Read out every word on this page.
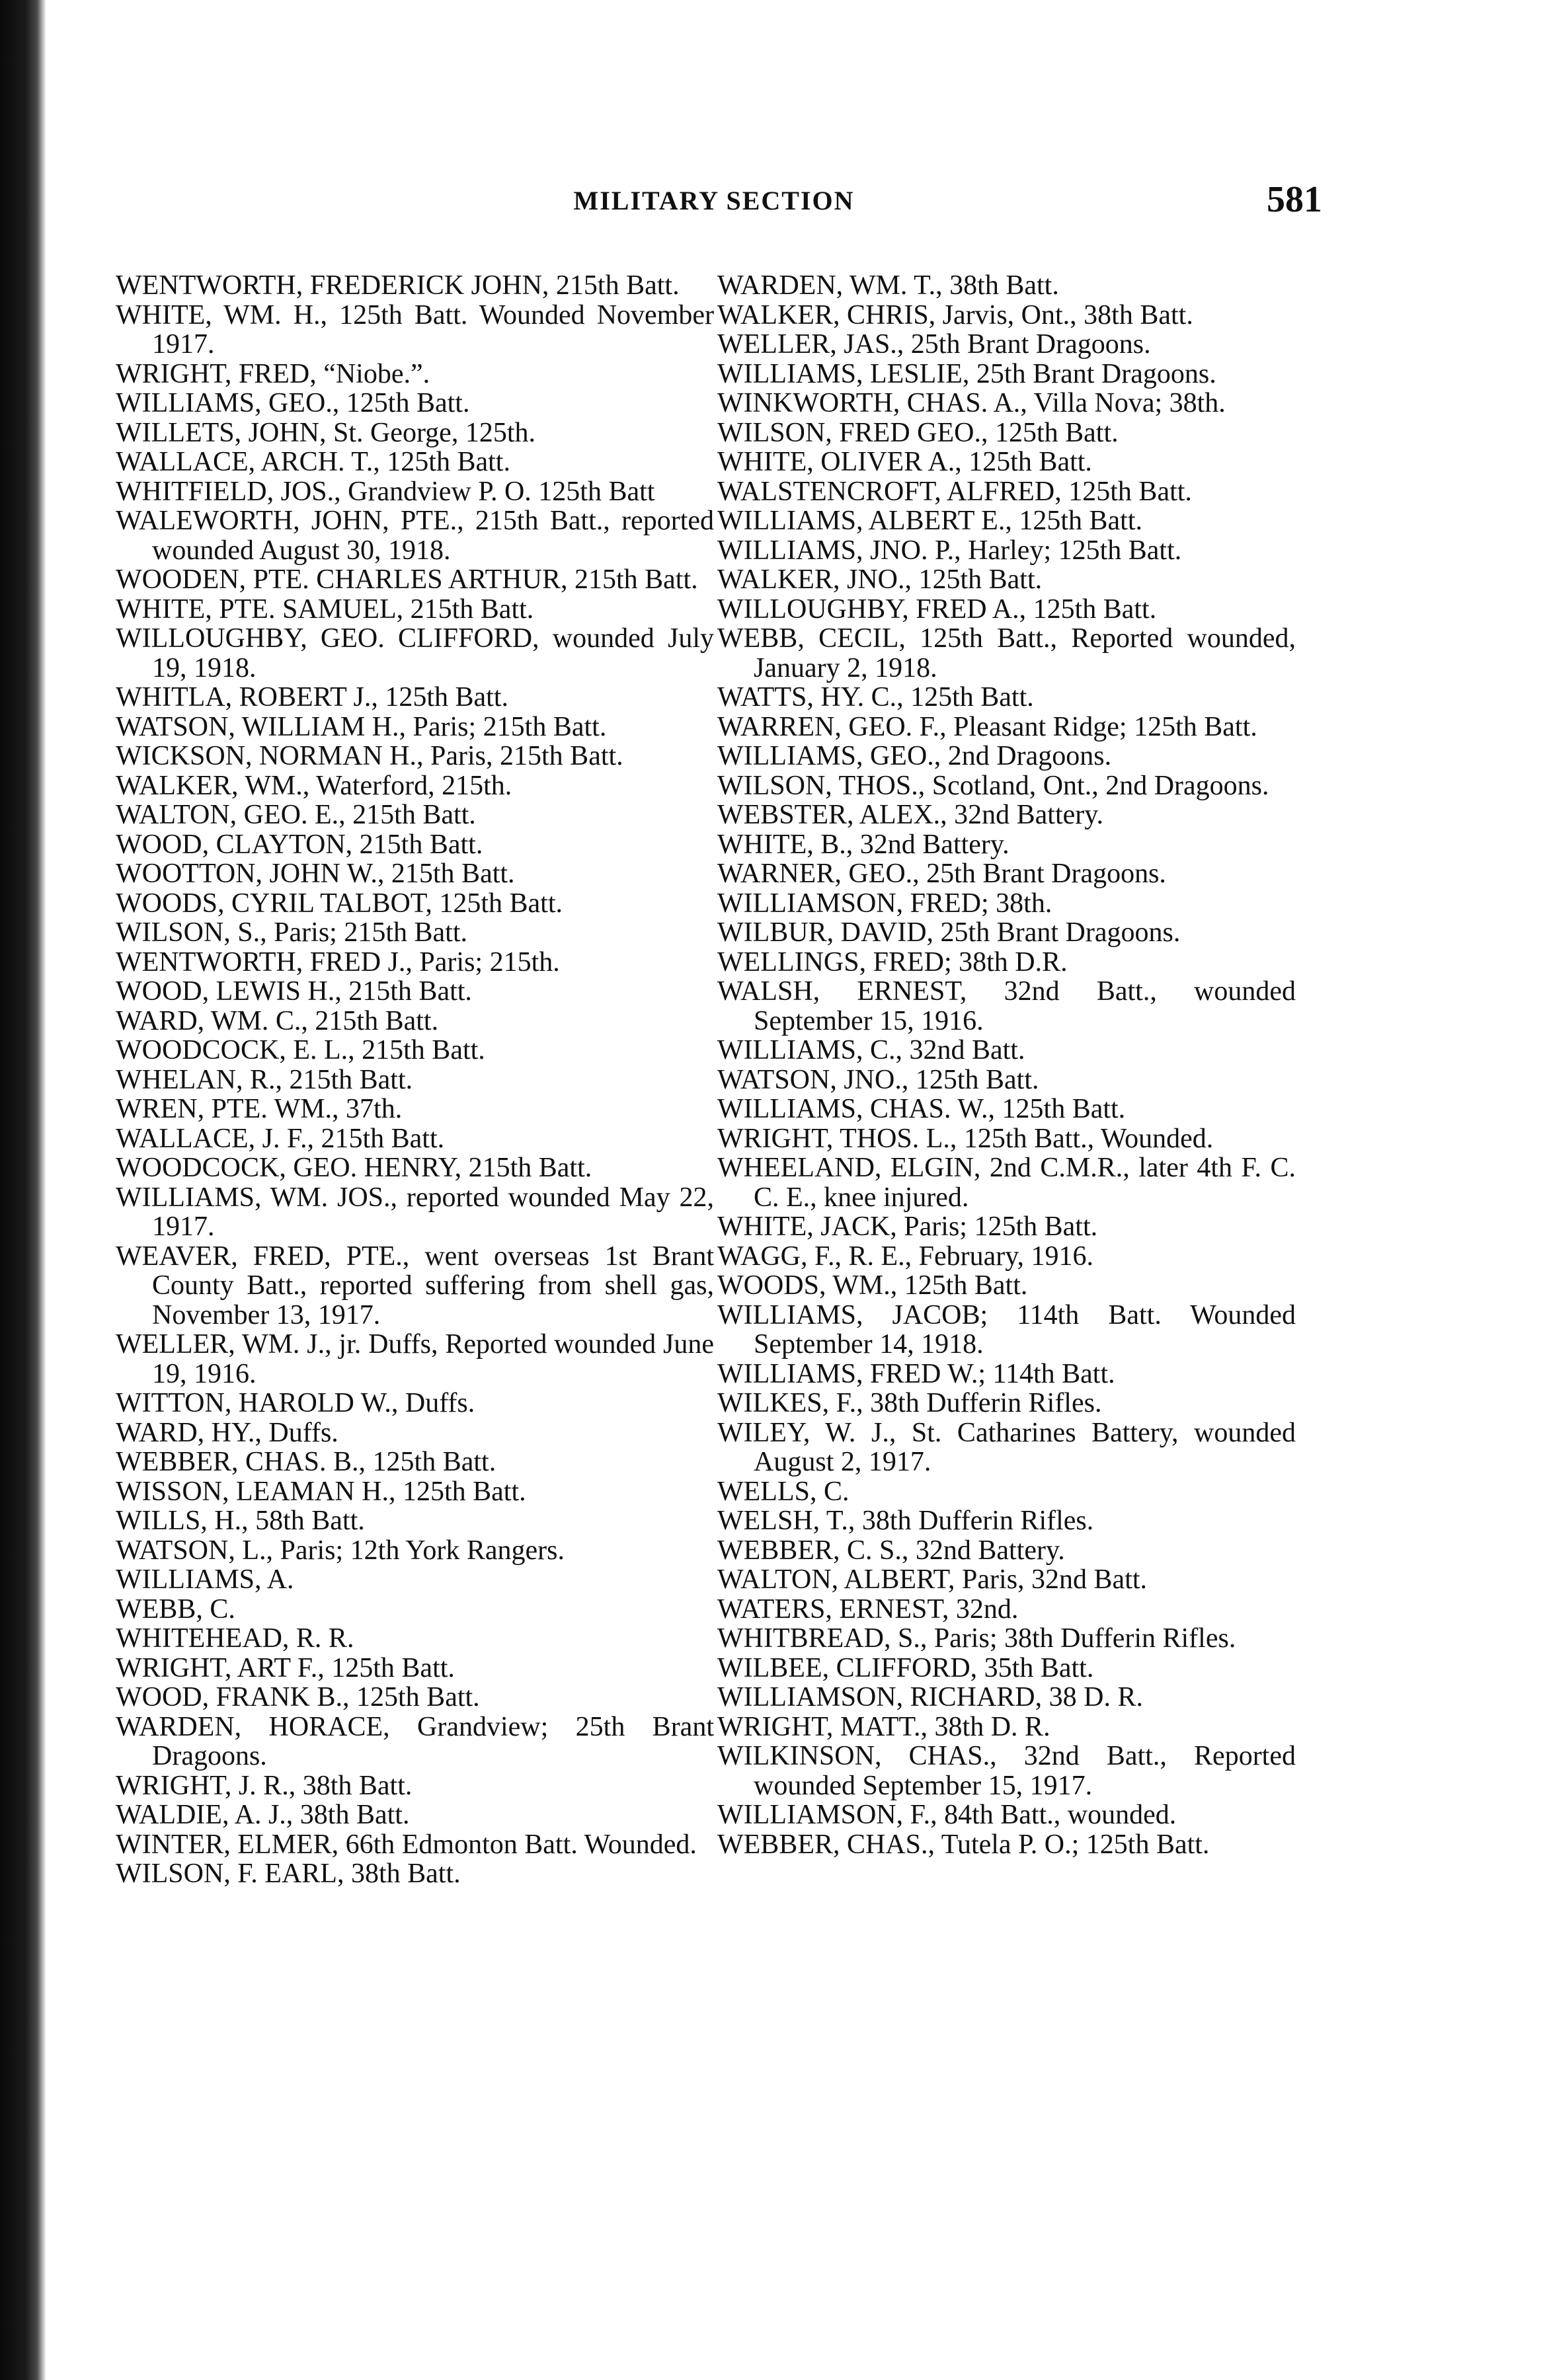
MILITARY SECTION	581
WENTWORTH, FREDERICK JOHN, 215th Batt.
WHITE, WM. H., 125th Batt. Wounded November 1917.
WRIGHT, FRED, “Niobe.”.
WILLIAMS, GEO., 125th Batt.
WILLETS, JOHN, St. George, 125th.
WALLACE, ARCH. T., 125th Batt.
WHITFIELD, JOS., Grandview P. O. 125th Batt
WALEWORTH, JOHN, PTE., 215th Batt., reported wounded August 30, 1918.
WOODEN, PTE. CHARLES ARTHUR, 215th Batt.
WHITE, PTE. SAMUEL, 215th Batt.
WILLOUGHBY, GEO. CLIFFORD, wounded July 19, 1918.
WHITLA, ROBERT J., 125th Batt.
WATSON, WILLIAM H., Paris; 215th Batt.
WICKSON, NORMAN H., Paris, 215th Batt.
WALKER, WM., Waterford, 215th.
WALTON, GEO. E., 215th Batt.
WOOD, CLAYTON, 215th Batt.
WOOTTON, JOHN W., 215th Batt.
WOODS, CYRIL TALBOT, 125th Batt.
WILSON, S., Paris; 215th Batt.
WENTWORTH, FRED J., Paris; 215th.
WOOD, LEWIS H., 215th Batt.
WARD, WM. C., 215th Batt.
WOODCOCK, E. L., 215th Batt.
WHELAN, R., 215th Batt.
WREN, PTE. WM., 37th.
WALLACE, J. F., 215th Batt.
WOODCOCK, GEO. HENRY, 215th Batt.
WILLIAMS, WM. JOS., reported wounded May 22, 1917.
WEAVER, FRED, PTE., went overseas 1st Brant County Batt., reported suffering from shell gas, November 13, 1917.
WELLER, WM. J., jr. Duffs, Reported wounded June 19, 1916.
WITTON, HAROLD W., Duffs.
WARD, HY., Duffs.
WEBBER, CHAS. B., 125th Batt.
WISSON, LEAMAN H., 125th Batt.
WILLS, H., 58th Batt.
WATSON, L., Paris; 12th York Rangers.
WILLIAMS, A.
WEBB, C.
WHITEHEAD, R. R.
WRIGHT, ART F., 125th Batt.
WOOD, FRANK B., 125th Batt.
WARDEN, HORACE, Grandview; 25th Brant Dragoons.
WRIGHT, J. R., 38th Batt.
WALDIE, A. J., 38th Batt.
WINTER, ELMER, 66th Edmonton Batt. Wounded.
WILSON, F. EARL, 38th Batt.
WARDEN, WM. T., 38th Batt.
WALKER, CHRIS, Jarvis, Ont., 38th Batt.
WELLER, JAS., 25th Brant Dragoons.
WILLIAMS, LESLIE, 25th Brant Dragoons.
WINKWORTH, CHAS. A., Villa Nova; 38th.
WILSON, FRED GEO., 125th Batt.
WHITE, OLIVER A., 125th Batt.
WALSTENCROFT, ALFRED, 125th Batt.
WILLIAMS, ALBERT E., 125th Batt.
WILLIAMS, JNO. P., Harley; 125th Batt.
WALKER, JNO., 125th Batt.
WILLOUGHBY, FRED A., 125th Batt.
WEBB, CECIL, 125th Batt., Reported wounded, January 2, 1918.
WATTS, HY. C., 125th Batt.
WARREN, GEO. F., Pleasant Ridge; 125th Batt.
WILLIAMS, GEO., 2nd Dragoons.
WILSON, THOS., Scotland, Ont., 2nd Dragoons.
WEBSTER, ALEX., 32nd Battery.
WHITE, B., 32nd Battery.
WARNER, GEO., 25th Brant Dragoons.
WILLIAMSON, FRED; 38th.
WILBUR, DAVID, 25th Brant Dragoons.
WELLINGS, FRED; 38th D.R.
WALSH, ERNEST, 32nd Batt., wounded September 15, 1916.
WILLIAMS, C., 32nd Batt.
WATSON, JNO., 125th Batt.
WILLIAMS, CHAS. W., 125th Batt.
WRIGHT, THOS. L., 125th Batt., Wounded.
WHEELAND, ELGIN, 2nd C.M.R., later 4th F. C. C. E., knee injured.
WHITE, JACK, Paris; 125th Batt.
WAGG, F., R. E., February, 1916.
WOODS, WM., 125th Batt.
WILLIAMS, JACOB; 114th Batt. Wounded September 14, 1918.
WILLIAMS, FRED W.; 114th Batt.
WILKES, F., 38th Dufferin Rifles.
WILEY, W. J., St. Catharines Battery, wounded August 2, 1917.
WELLS, C.
WELSH, T., 38th Dufferin Rifles.
WEBBER, C. S., 32nd Battery.
WALTON, ALBERT, Paris, 32nd Batt.
WATERS, ERNEST, 32nd.
WHITBREAD, S., Paris; 38th Dufferin Rifles.
WILBEE, CLIFFORD, 35th Batt.
WILLIAMSON, RICHARD, 38 D. R.
WRIGHT, MATT., 38th D. R.
WILKINSON, CHAS., 32nd Batt., Reported wounded September 15, 1917.
WILLIAMSON, F., 84th Batt., wounded.
WEBBER, CHAS., Tutela P. O.; 125th Batt.
